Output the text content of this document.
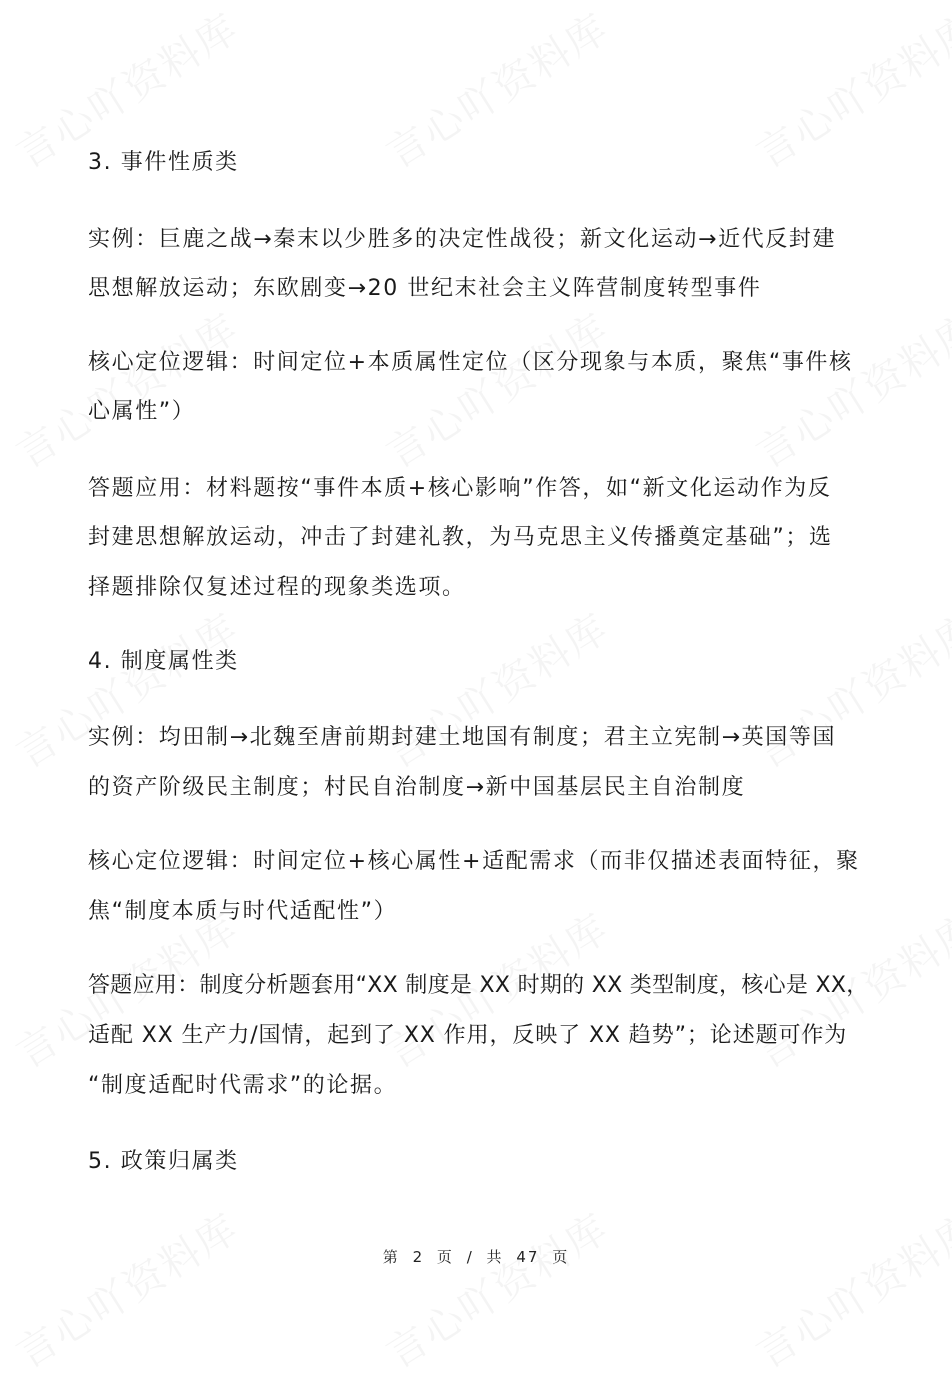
3. 事件性质类
实例：巨鹿之战→秦末以少胜多的决定性战役；新文化运动→近代反封建
思想解放运动；东欧剧变→20 世纪末社会主义阵营制度转型事件
核心定位逻辑：时间定位+本质属性定位（区分现象与本质，聚焦“事件核
心属性”）
答题应用：材料题按“事件本质+核心影响”作答，如“新文化运动作为反
封建思想解放运动，冲击了封建礼教，为马克思主义传播奠定基础”；选
择题排除仅复述过程的现象类选项。
4. 制度属性类
实例：均田制→北魏至唐前期封建土地国有制度；君主立宪制→英国等国
的资产阶级民主制度；村民自治制度→新中国基层民主自治制度
核心定位逻辑：时间定位+核心属性+适配需求（而非仅描述表面特征，聚
焦“制度本质与时代适配性”）
答题应用：制度分析题套用“XX 制度是 XX 时期的 XX 类型制度，核心是 XX，
适配 XX 生产力/国情，起到了 XX 作用，反映了 XX 趋势”；论述题可作为
“制度适配时代需求”的论据。
5. 政策归属类
第 2 页 / 共 47 页
